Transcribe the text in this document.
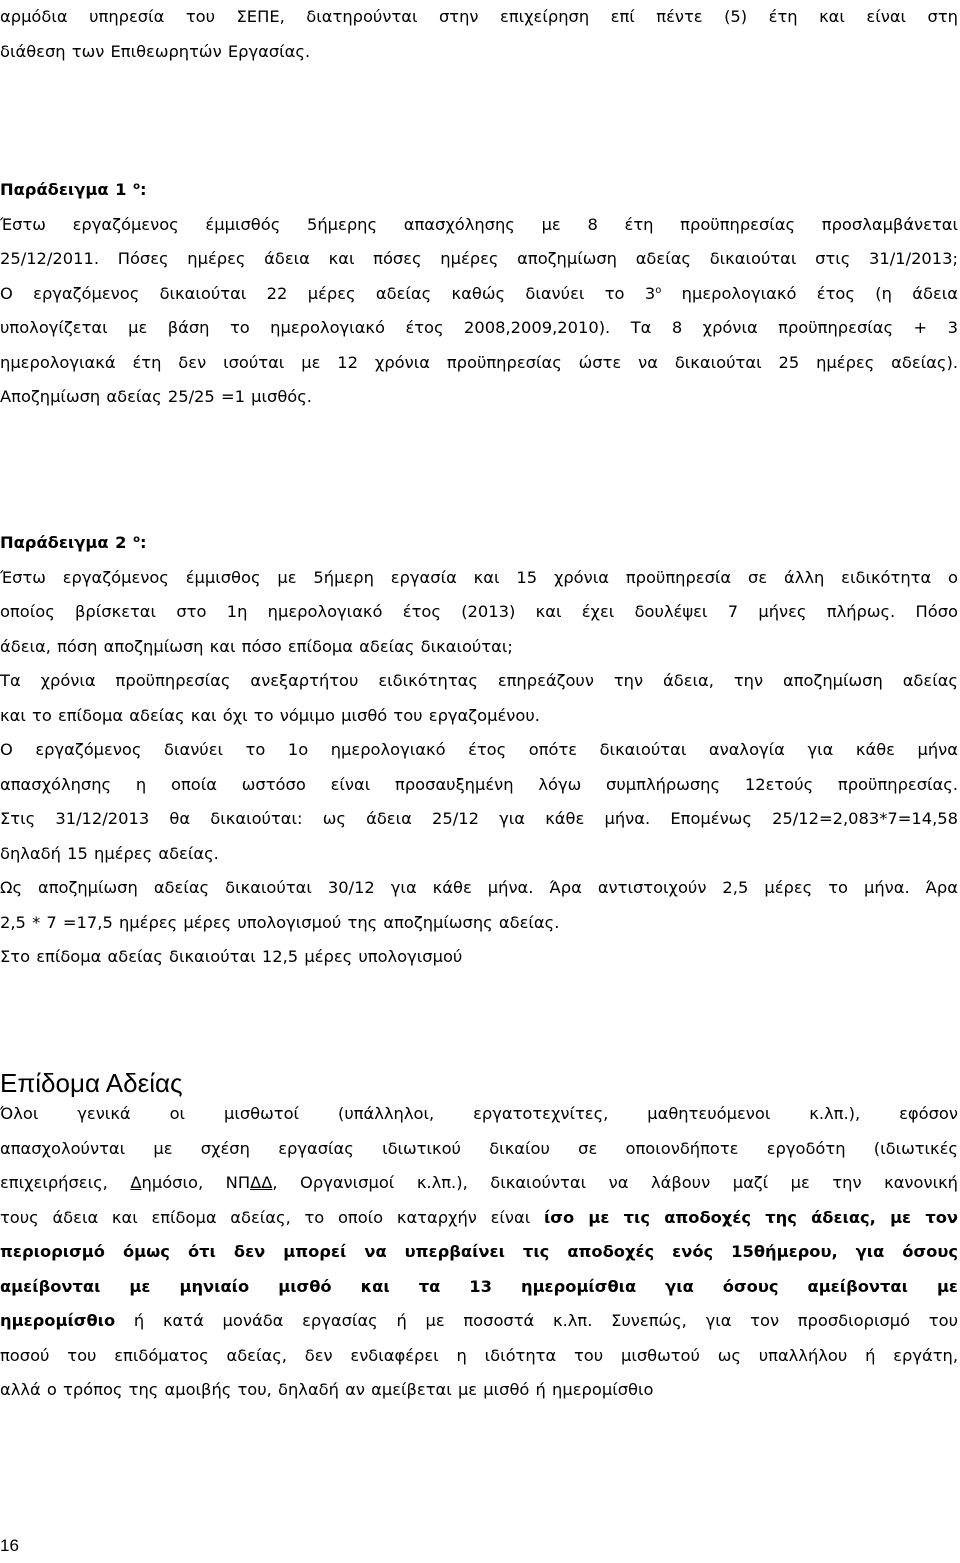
αρμόδια υπηρεσία του ΣΕΠΕ, διατηρούνται στην επιχείρηση επί πέντε (5) έτη και είναι στη
διάθεση των Επιθεωρητών Εργασίας.
Παράδειγμα 1 $^o$:
Έστω εργαζόμενος έμμισθός 5ήμερης απασχόλησης με 8 έτη προϋπηρεσίας προσλαμβάνεται
25/12/2011. Πόσες ημέρες άδεια και πόσες ημέρες αποζημίωση αδείας δικαιούται στις 31/1/2013;
Ο εργαζόμενος δικαιούται 22 μέρες αδείας καθώς διανύει το $3^o$ ημερολογιακό έτος (η άδεια
υπολογίζεται με βάση το ημερολογιακό έτος 2008,2009,2010). Τα 8 χρόνια προϋπηρεσίας + 3
ημερολογιακά έτη δεν ισούται με 12 χρόνια προϋπηρεσίας ώστε να δικαιούται 25 ημέρες αδείας).
Αποζημίωση αδείας 25/25 =1 μισθός.
Παράδειγμα 2 $^o$:
Έστω εργαζόμενος έμμισθος με 5ήμερη εργασία και 15 χρόνια προϋπηρεσία σε άλλη ειδικότητα ο
οποίος βρίσκεται στο 1η ημερολογιακό έτος (2013) και έχει δουλέψει 7 μήνες πλήρως. Πόσο
άδεια, πόση αποζημίωση και πόσο επίδομα αδείας δικαιούται;
Τα χρόνια προϋπηρεσίας ανεξαρτήτου ειδικότητας επηρεάζουν την άδεια, την αποζημίωση αδείας
και το επίδομα αδείας και όχι το νόμιμο μισθό του εργαζομένου.
Ο εργαζόμενος διανύει το 1ο ημερολογιακό έτος οπότε δικαιούται αναλογία για κάθε μήνα
απασχόλησης η οποία ωστόσο είναι προσαυξημένη λόγω συμπλήρωσης 12ετούς προϋπηρεσίας.
Στις 31/12/2013 θα δικαιούται: ως άδεια 25/12 για κάθε μήνα. Επομένως 25/12=2,083*7=14,58
δηλαδή 15 ημέρες αδείας.
Ως αποζημίωση αδείας δικαιούται 30/12 για κάθε μήνα. Άρα αντιστοιχούν 2,5 μέρες το μήνα. Άρα
2,5 * 7 =17,5 ημέρες μέρες υπολογισμού της αποζημίωσης αδείας.
Στο επίδομα αδείας δικαιούται 12,5 μέρες υπολογισμού
Επίδομα Αδείας
Όλοι γενικά οι μισθωτοί (υπάλληλοι, εργατοτεχνίτες, μαθητευόμενοι κ.λπ.), εφόσον
απασχολούνται με σχέση εργασίας ιδιωτικού δικαίου σε οποιονδήποτε εργοδότη (ιδιωτικές
επιχειρήσεις, Δημόσιο, ΝΠΔΔ, Οργανισμοί κ.λπ.), δικαιούνται να λάβουν μαζί με την κανονική
τους άδεια και επίδομα αδείας, το οποίο καταρχήν είναι ίσο με τις αποδοχές της άδειας, με τον
περιορισμό όμως ότι δεν μπορεί να υπερβαίνει τις αποδοχές ενός 15θήμερου, για όσους
αμείβονται με μηνιαίο μισθό και τα 13 ημερομίσθια για όσους αμείβονται με
ημερομίσθιο ή κατά μονάδα εργασίας ή με ποσοστά κ.λπ. Συνεπώς, για τον προσδιορισμό του
ποσού του επιδόματος αδείας, δεν ενδιαφέρει η ιδιότητα του μισθωτού ως υπαλλήλου ή εργάτη,
αλλά ο τρόπος της αμοιβής του, δηλαδή αν αμείβεται με μισθό ή ημερομίσθιο
16
